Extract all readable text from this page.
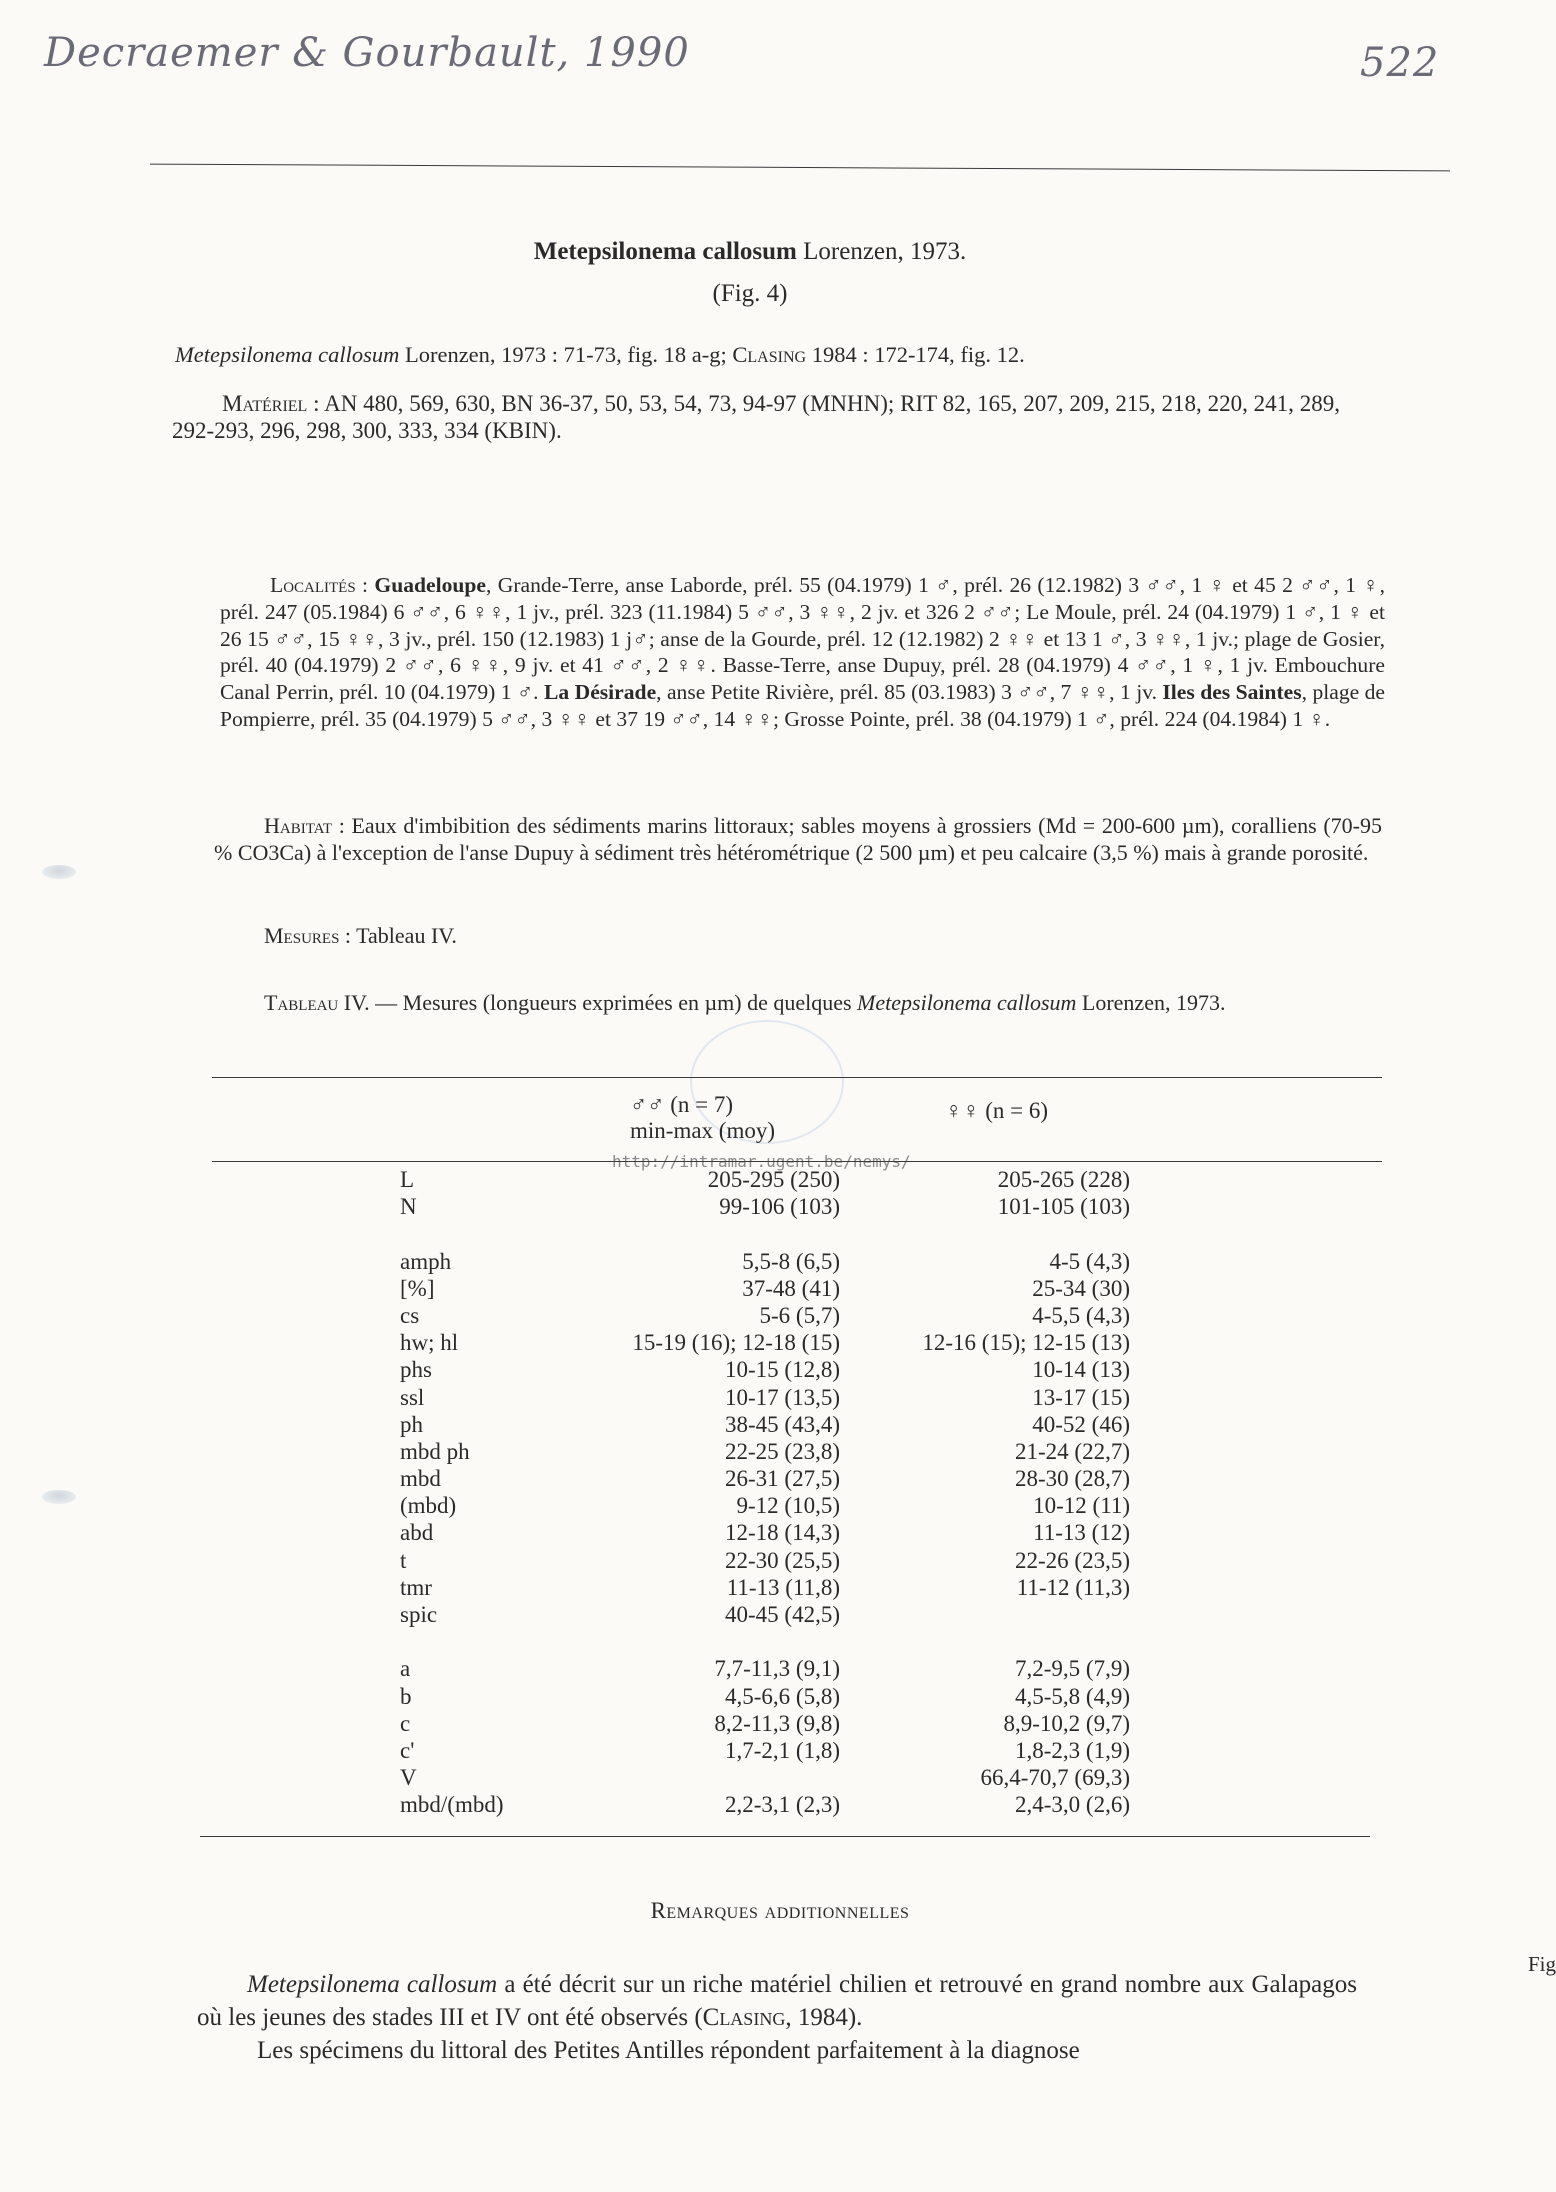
Decraemer & Gourbault, 1990	522
Metepsilonema callosum Lorenzen, 1973.
(Fig. 4)
Metepsilonema callosum Lorenzen, 1973 : 71-73, fig. 18 a-g; Clasing 1984 : 172-174, fig. 12.
Matériel : AN 480, 569, 630, BN 36-37, 50, 53, 54, 73, 94-97 (MNHN); RIT 82, 165, 207, 209, 215, 218, 220, 241, 289, 292-293, 296, 298, 300, 333, 334 (KBIN).
Localités : Guadeloupe, Grande-Terre, anse Laborde, prél. 55 (04.1979) 1 ♂, prél. 26 (12.1982) 3 ♂♂, 1 ♀ et 45 2 ♂♂, 1 ♀, prél. 247 (05.1984) 6 ♂♂, 6 ♀♀, 1 jv., prél. 323 (11.1984) 5 ♂♂, 3 ♀♀, 2 jv. et 326 2 ♂♂; Le Moule, prél. 24 (04.1979) 1 ♂, 1 ♀ et 26 15 ♂♂, 15 ♀♀, 3 jv., prél. 150 (12.1983) 1 j♂; anse de la Gourde, prél. 12 (12.1982) 2 ♀♀ et 13 1 ♂, 3 ♀♀, 1 jv.; plage de Gosier, prél. 40 (04.1979) 2 ♂♂, 6 ♀♀, 9 jv. et 41 ♂♂, 2 ♀♀. Basse-Terre, anse Dupuy, prél. 28 (04.1979) 4 ♂♂, 1 ♀, 1 jv. Embouchure Canal Perrin, prél. 10 (04.1979) 1 ♂. La Désirade, anse Petite Rivière, prél. 85 (03.1983) 3 ♂♂, 7 ♀♀, 1 jv. Iles des Saintes, plage de Pompierre, prél. 35 (04.1979) 5 ♂♂, 3 ♀♀ et 37 19 ♂♂, 14 ♀♀; Grosse Pointe, prél. 38 (04.1979) 1 ♂, prél. 224 (04.1984) 1 ♀.
Habitat : Eaux d'imbibition des sédiments marins littoraux; sables moyens à grossiers (Md = 200-600 µm), coralliens (70-95 % CO3Ca) à l'exception de l'anse Dupuy à sédiment très hétérométrique (2 500 µm) et peu calcaire (3,5 %) mais à grande porosité.
Mesures : Tableau IV.
Tableau IV. — Mesures (longueurs exprimées en µm) de quelques Metepsilonema callosum Lorenzen, 1973.
http://intramar.ugent.be/nemys/
♂♂ (n = 7)
min-max (moy)
♀♀ (n = 6)
L
N
amph
[%]
cs
hw; hl
phs
ssl
ph
mbd ph
mbd
(mbd)
abd
t
tmr
spic
a
b
c
c'
V
mbd/(mbd)
205-295 (250)
99-106 (103)
5,5-8 (6,5)
37-48 (41)
5-6 (5,7)
15-19 (16); 12-18 (15)
10-15 (12,8)
10-17 (13,5)
38-45 (43,4)
22-25 (23,8)
26-31 (27,5)
9-12 (10,5)
12-18 (14,3)
22-30 (25,5)
11-13 (11,8)
40-45 (42,5)
7,7-11,3 (9,1)
4,5-6,6 (5,8)
8,2-11,3 (9,8)
1,7-2,1 (1,8)
2,2-3,1 (2,3)
205-265 (228)
101-105 (103)
4-5 (4,3)
25-34 (30)
4-5,5 (4,3)
12-16 (15); 12-15 (13)
10-14 (13)
13-17 (15)
40-52 (46)
21-24 (22,7)
28-30 (28,7)
10-12 (11)
11-13 (12)
22-26 (23,5)
11-12 (11,3)
7,2-9,5 (7,9)
4,5-5,8 (4,9)
8,9-10,2 (9,7)
1,8-2,3 (1,9)
66,4-70,7 (69,3)
2,4-3,0 (2,6)
Remarques additionnelles
Metepsilonema callosum a été décrit sur un riche matériel chilien et retrouvé en grand nombre aux Galapagos où les jeunes des stades III et IV ont été observés (Clasing, 1984).
Les spécimens du littoral des Petites Antilles répondent parfaitement à la diagnose
Fig
